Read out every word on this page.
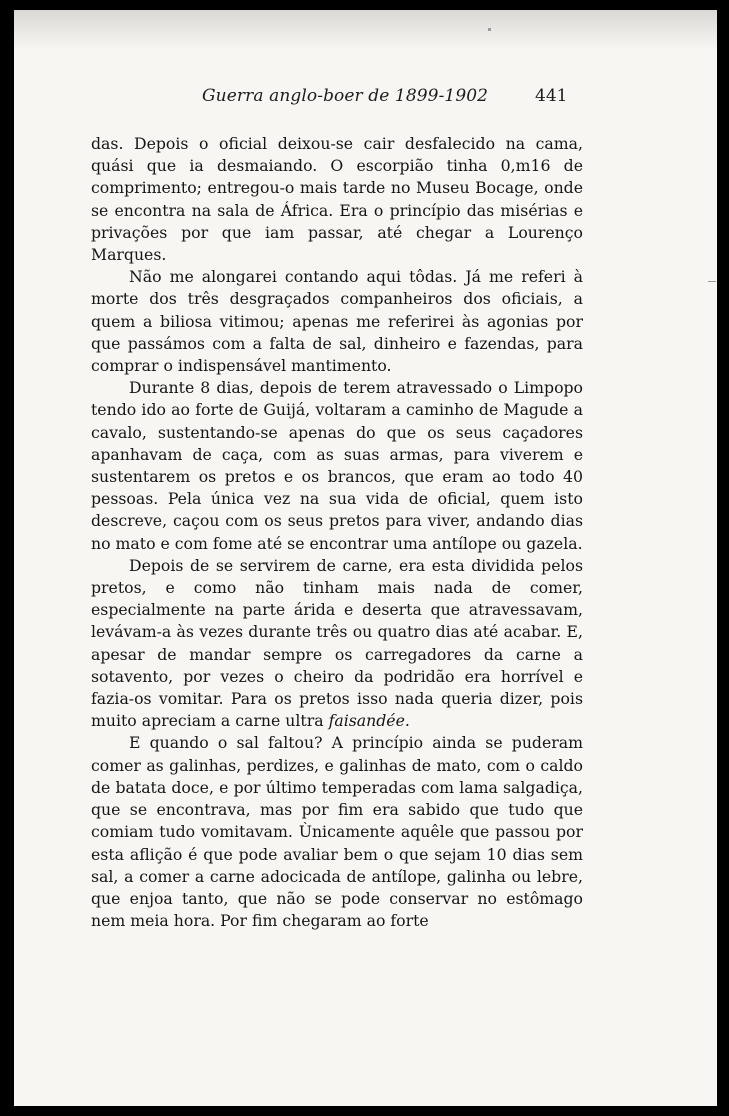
Guerra anglo-boer de 1899-1902	441

das. Depois o oficial deixou-se cair desfalecido na cama, quási que ia desmaiando. O escorpião tinha 0,m16 de comprimento; entregou-o mais tarde no Museu Bocage, onde se encontra na sala de África. Era o princípio das misérias e privações por que iam passar, até chegar a Lourenço Marques.

Não me alongarei contando aqui tôdas. Já me referi à morte dos três desgraçados companheiros dos oficiais, a quem a biliosa vitimou; apenas me referirei às agonias por que passámos com a falta de sal, dinheiro e fazendas, para comprar o indispensável mantimento.

Durante 8 dias, depois de terem atravessado o Limpopo tendo ido ao forte de Guijá, voltaram a caminho de Magude a cavalo, sustentando-se apenas do que os seus caçadores apanhavam de caça, com as suas armas, para viverem e sustentarem os pretos e os brancos, que eram ao todo 40 pessoas. Pela única vez na sua vida de oficial, quem isto descreve, caçou com os seus pretos para viver, andando dias no mato e com fome até se encontrar uma antílope ou gazela.

Depois de se servirem de carne, era esta dividida pelos pretos, e como não tinham mais nada de comer, especialmente na parte árida e deserta que atravessavam, levávam-a às vezes durante três ou quatro dias até acabar. E, apesar de mandar sempre os carregadores da carne a sotavento, por vezes o cheiro da podridão era horrível e fazia-os vomitar. Para os pretos isso nada queria dizer, pois muito apreciam a carne ultra faisandée.

E quando o sal faltou? A princípio ainda se puderam comer as galinhas, perdizes, e galinhas de mato, com o caldo de batata doce, e por último temperadas com lama salgadiça, que se encontrava, mas por fim era sabido que tudo que comiam tudo vomitavam. Ùnicamente aquêle que passou por esta aflição é que pode avaliar bem o que sejam 10 dias sem sal, a comer a carne adocicada de antílope, galinha ou lebre, que enjoa tanto, que não se pode conservar no estômago nem meia hora. Por fim chegaram ao forte
